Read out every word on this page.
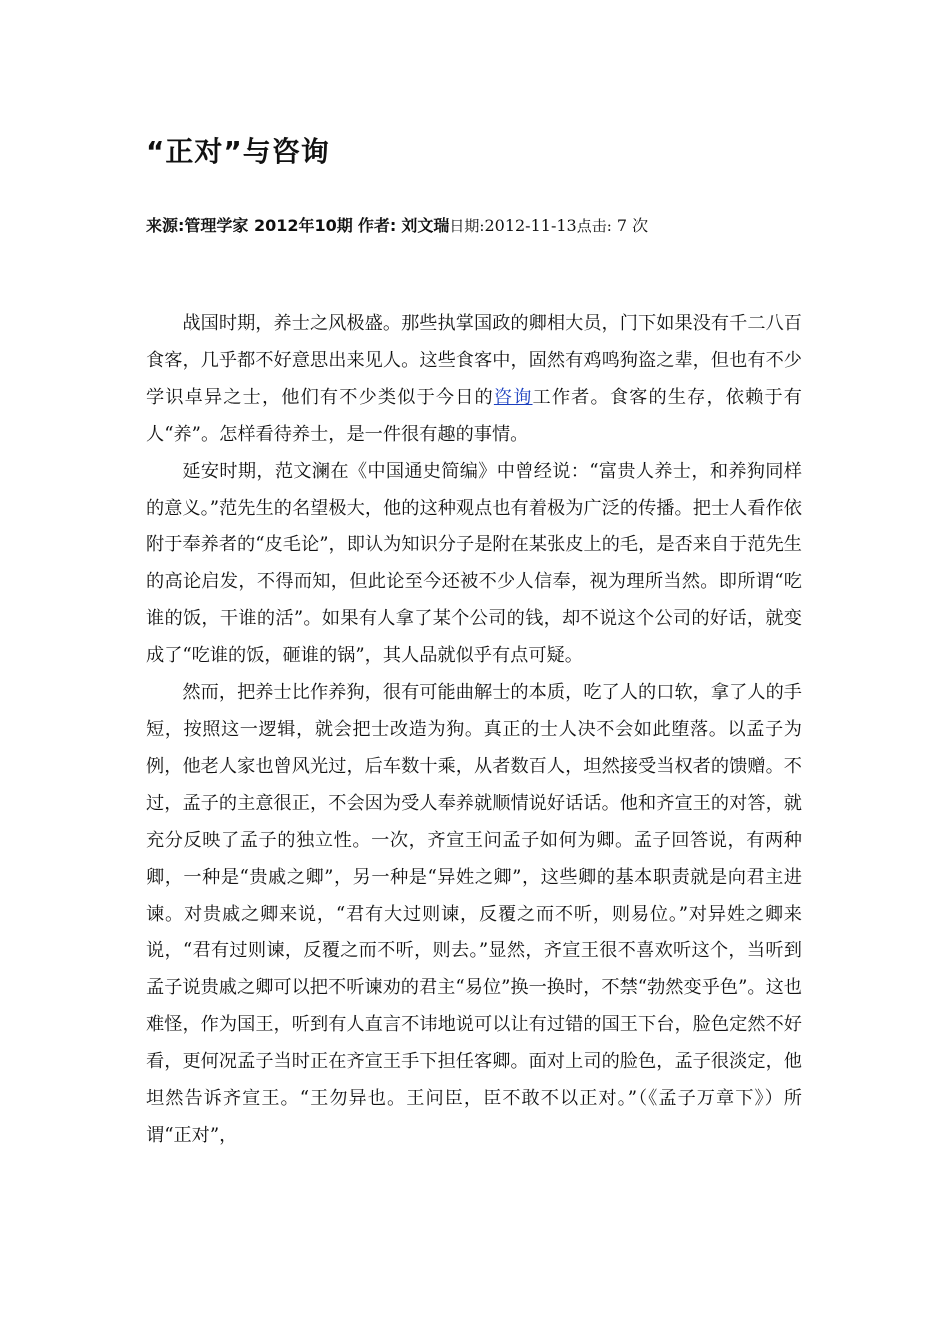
“正对”与咨询
来源:管理学家 2012年10期 作者: 刘文瑞日期:2012-11-13点击: 7 次

战国时期，养士之风极盛。那些执掌国政的卿相大员，门下如果没有千二八百食客，几乎都不好意思出来见人。这些食客中，固然有鸡鸣狗盗之辈，但也有不少学识卓异之士，他们有不少类似于今日的咨询工作者。食客的生存，依赖于有人“养”。怎样看待养士，是一件很有趣的事情。

延安时期，范文澜在《中国通史简编》中曾经说：“富贵人养士，和养狗同样的意义。”范先生的名望极大，他的这种观点也有着极为广泛的传播。把士人看作依附于奉养者的“皮毛论”，即认为知识分子是附在某张皮上的毛，是否来自于范先生的高论启发，不得而知，但此论至今还被不少人信奉，视为理所当然。即所谓“吃谁的饭，干谁的活”。如果有人拿了某个公司的钱，却不说这个公司的好话，就变成了“吃谁的饭，砸谁的锅”，其人品就似乎有点可疑。

然而，把养士比作养狗，很有可能曲解士的本质，吃了人的口软，拿了人的手短，按照这一逻辑，就会把士改造为狗。真正的士人决不会如此堕落。以孟子为例，他老人家也曾风光过，后车数十乘，从者数百人，坦然接受当权者的馈赠。不过，孟子的主意很正，不会因为受人奉养就顺情说好话话。他和齐宣王的对答，就充分反映了孟子的独立性。一次，齐宣王问孟子如何为卿。孟子回答说，有两种卿，一种是“贵戚之卿”，另一种是“异姓之卿”，这些卿的基本职责就是向君主进谏。对贵戚之卿来说，“君有大过则谏，反覆之而不听，则易位。”对异姓之卿来说，“君有过则谏，反覆之而不听，则去。”显然，齐宣王很不喜欢听这个，当听到孟子说贵戚之卿可以把不听谏劝的君主“易位”换一换时，不禁“勃然变乎色”。这也难怪，作为国王，听到有人直言不讳地说可以让有过错的国王下台，脸色定然不好看，更何况孟子当时正在齐宣王手下担任客卿。面对上司的脸色，孟子很淡定，他坦然告诉齐宣王。“王勿异也。王问臣，臣不敢不以正对。”（《孟子万章下》）所谓“正对”，
